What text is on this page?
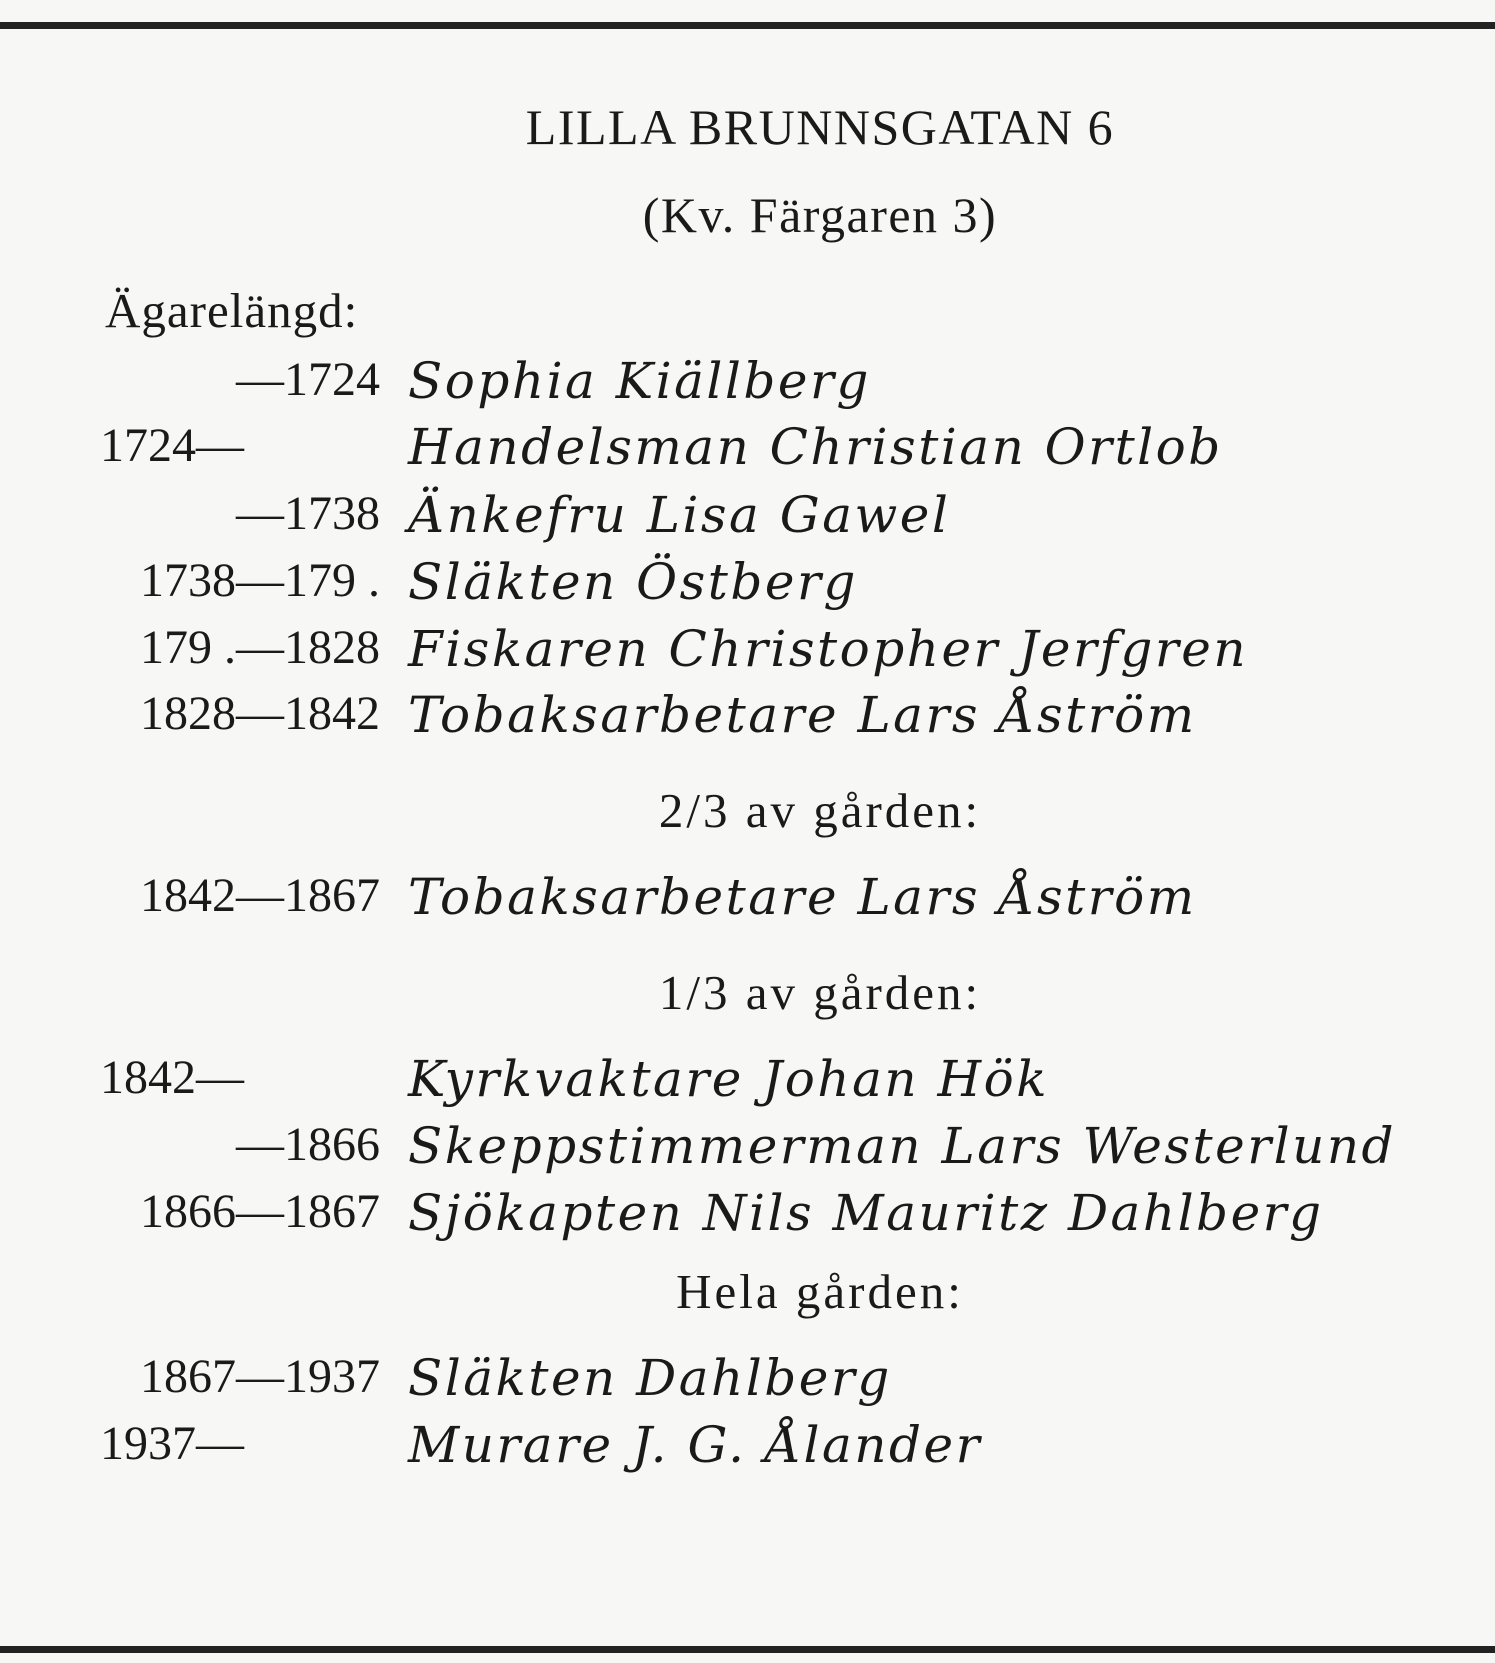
LILLA BRUNNSGATAN 6
(Kv. Färgaren 3)
Ägarelängd:
—1724 Sophia Kiällberg
1724—	Handelsman Christian Ortlob
—1738 Änkefru Lisa Gawel
1738—179 . Släkten Östberg
179 .—1828 Fiskaren Christopher Jerfgren
1828—1842 Tobaksarbetare Lars Åström
2/3 av gården:
1842—1867 Tobaksarbetare Lars Åström
1/3 av gården:
1842—	Kyrkvaktare Johan Hök
—1866 Skeppstimmerman Lars Westerlund
1866—1867 Sjökapten Nils Mauritz Dahlberg
Hela gården:
1867—1937 Släkten Dahlberg
1937—	Murare J. G. Ålander
